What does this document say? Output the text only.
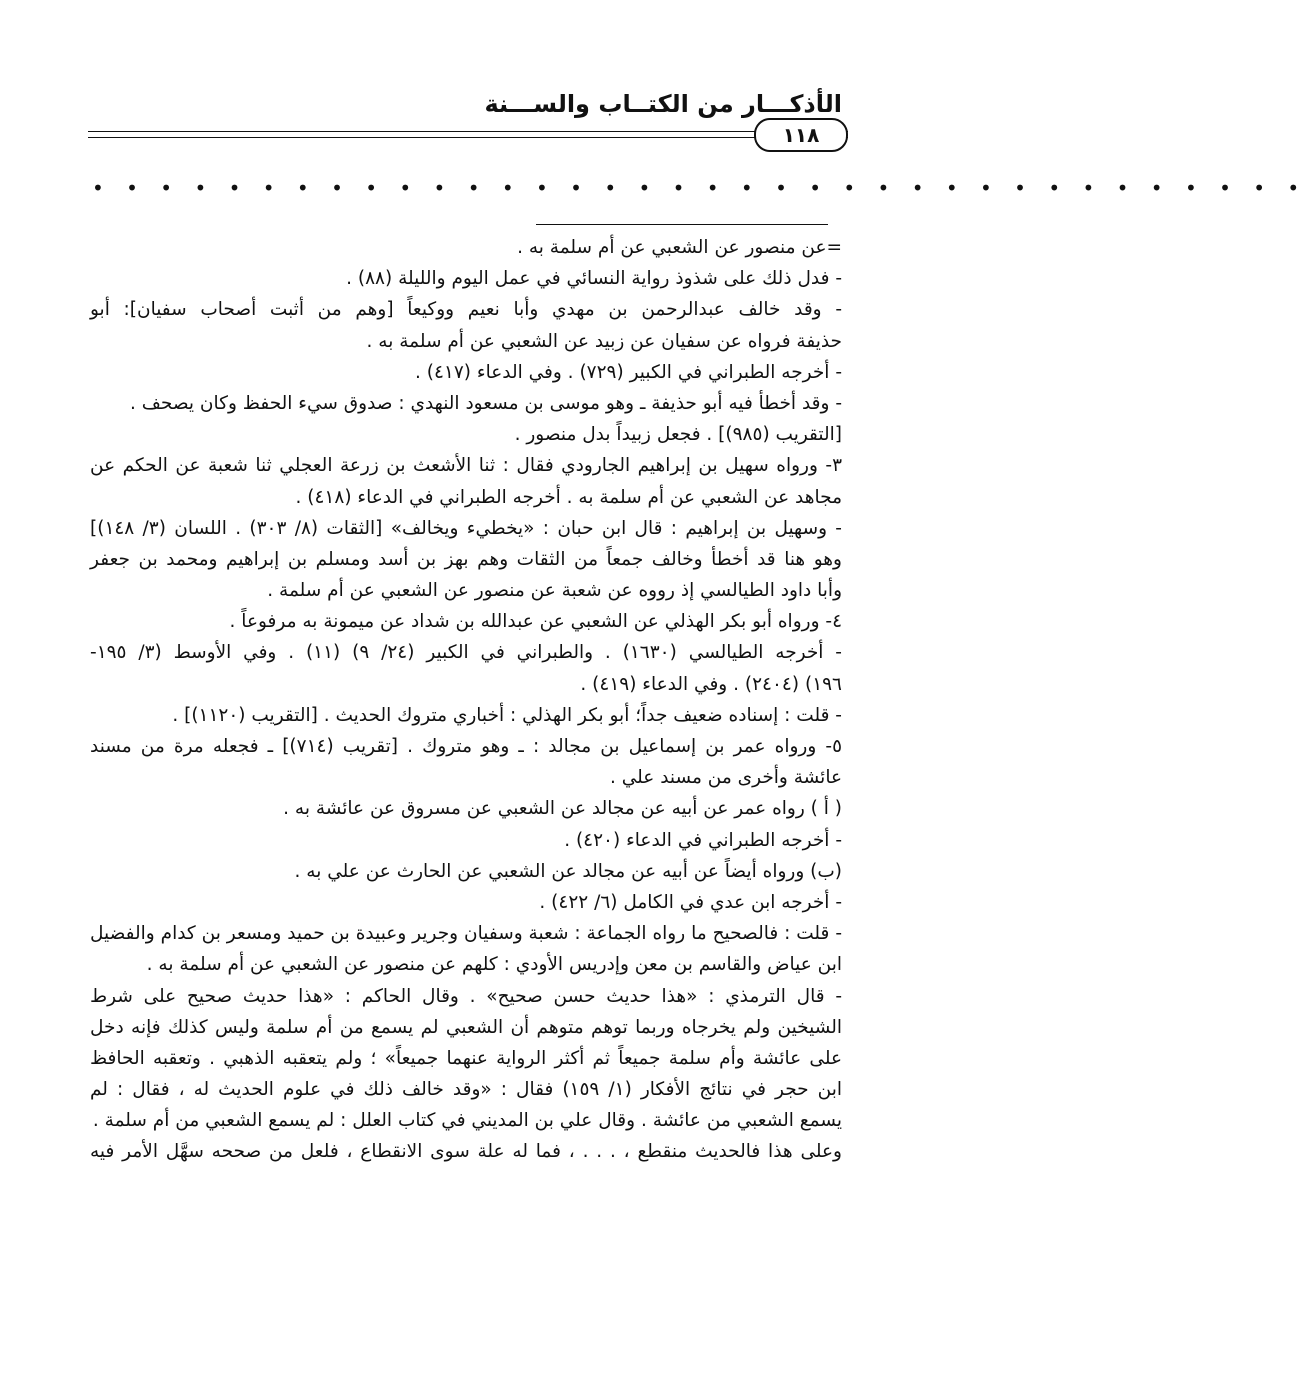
الأذكـــار من الكتــاب والســـنة
١١٨
• • • • • • • • • • • • • • • • • • • • • • • • • • • • • • • • • • • •
=عن منصور عن الشعبي عن أم سلمة به .
- فدل ذلك على شذوذ رواية النسائي في عمل اليوم والليلة (٨٨) .
- وقد خالف عبدالرحمن بن مهدي وأبا نعيم ووكيعاً [وهم من أثبت أصحاب سفيان]: أبو
حذيفة فرواه عن سفيان عن زبيد عن الشعبي عن أم سلمة به .
- أخرجه الطبراني في الكبير (٧٢٩) . وفي الدعاء (٤١٧) .
- وقد أخطأ فيه أبو حذيفة ـ وهو موسى بن مسعود النهدي : صدوق سيء الحفظ وكان يصحف .
[التقريب (٩٨٥)] . فجعل زبيداً بدل منصور .
٣- ورواه سهيل بن إبراهيم الجارودي فقال : ثنا الأشعث بن زرعة العجلي ثنا شعبة عن الحكم عن
مجاهد عن الشعبي عن أم سلمة به . أخرجه الطبراني في الدعاء (٤١٨) .
- وسهيل بن إبراهيم : قال ابن حبان : «يخطيء ويخالف» [الثقات (٨/ ٣٠٣) . اللسان (٣/ ١٤٨)]
وهو هنا قد أخطأ وخالف جمعاً من الثقات وهم بهز بن أسد ومسلم بن إبراهيم ومحمد بن جعفر
وأبا داود الطيالسي إذ رووه عن شعبة عن منصور عن الشعبي عن أم سلمة .
٤- ورواه أبو بكر الهذلي عن الشعبي عن عبدالله بن شداد عن ميمونة به مرفوعاً .
- أخرجه الطيالسي (١٦٣٠) . والطبراني في الكبير (٢٤/ ٩) (١١) . وفي الأوسط (٣/ ١٩٥-
١٩٦) (٢٤٠٤) . وفي الدعاء (٤١٩) .
- قلت : إسناده ضعيف جداً؛ أبو بكر الهذلي : أخباري متروك الحديث . [التقريب (١١٢٠)] .
٥- ورواه عمر بن إسماعيل بن مجالد : ـ وهو متروك . [تقريب (٧١٤)] ـ فجعله مرة من مسند
عائشة وأخرى من مسند علي .
( أ ) رواه عمر عن أبيه عن مجالد عن الشعبي عن مسروق عن عائشة به .
- أخرجه الطبراني في الدعاء (٤٢٠) .
(ب) ورواه أيضاً عن أبيه عن مجالد عن الشعبي عن الحارث عن علي به .
- أخرجه ابن عدي في الكامل (٦/ ٤٢٢) .
- قلت : فالصحيح ما رواه الجماعة : شعبة وسفيان وجرير وعبيدة بن حميد ومسعر بن كدام والفضيل
ابن عياض والقاسم بن معن وإدريس الأودي : كلهم عن منصور عن الشعبي عن أم سلمة به .
- قال الترمذي : «هذا حديث حسن صحيح» . وقال الحاكم : «هذا حديث صحيح على شرط
الشيخين ولم يخرجاه وربما توهم متوهم أن الشعبي لم يسمع من أم سلمة وليس كذلك فإنه دخل
على عائشة وأم سلمة جميعاً ثم أكثر الرواية عنهما جميعاً» ؛ ولم يتعقبه الذهبي . وتعقبه الحافظ
ابن حجر في نتائج الأفكار (١/ ١٥٩) فقال : «وقد خالف ذلك في علوم الحديث له ، فقال : لم
يسمع الشعبي من عائشة . وقال علي بن المديني في كتاب العلل : لم يسمع الشعبي من أم سلمة .
وعلى هذا فالحديث منقطع ، . . . ، فما له علة سوى الانقطاع ، فلعل من صححه سهَّل الأمر فيه
